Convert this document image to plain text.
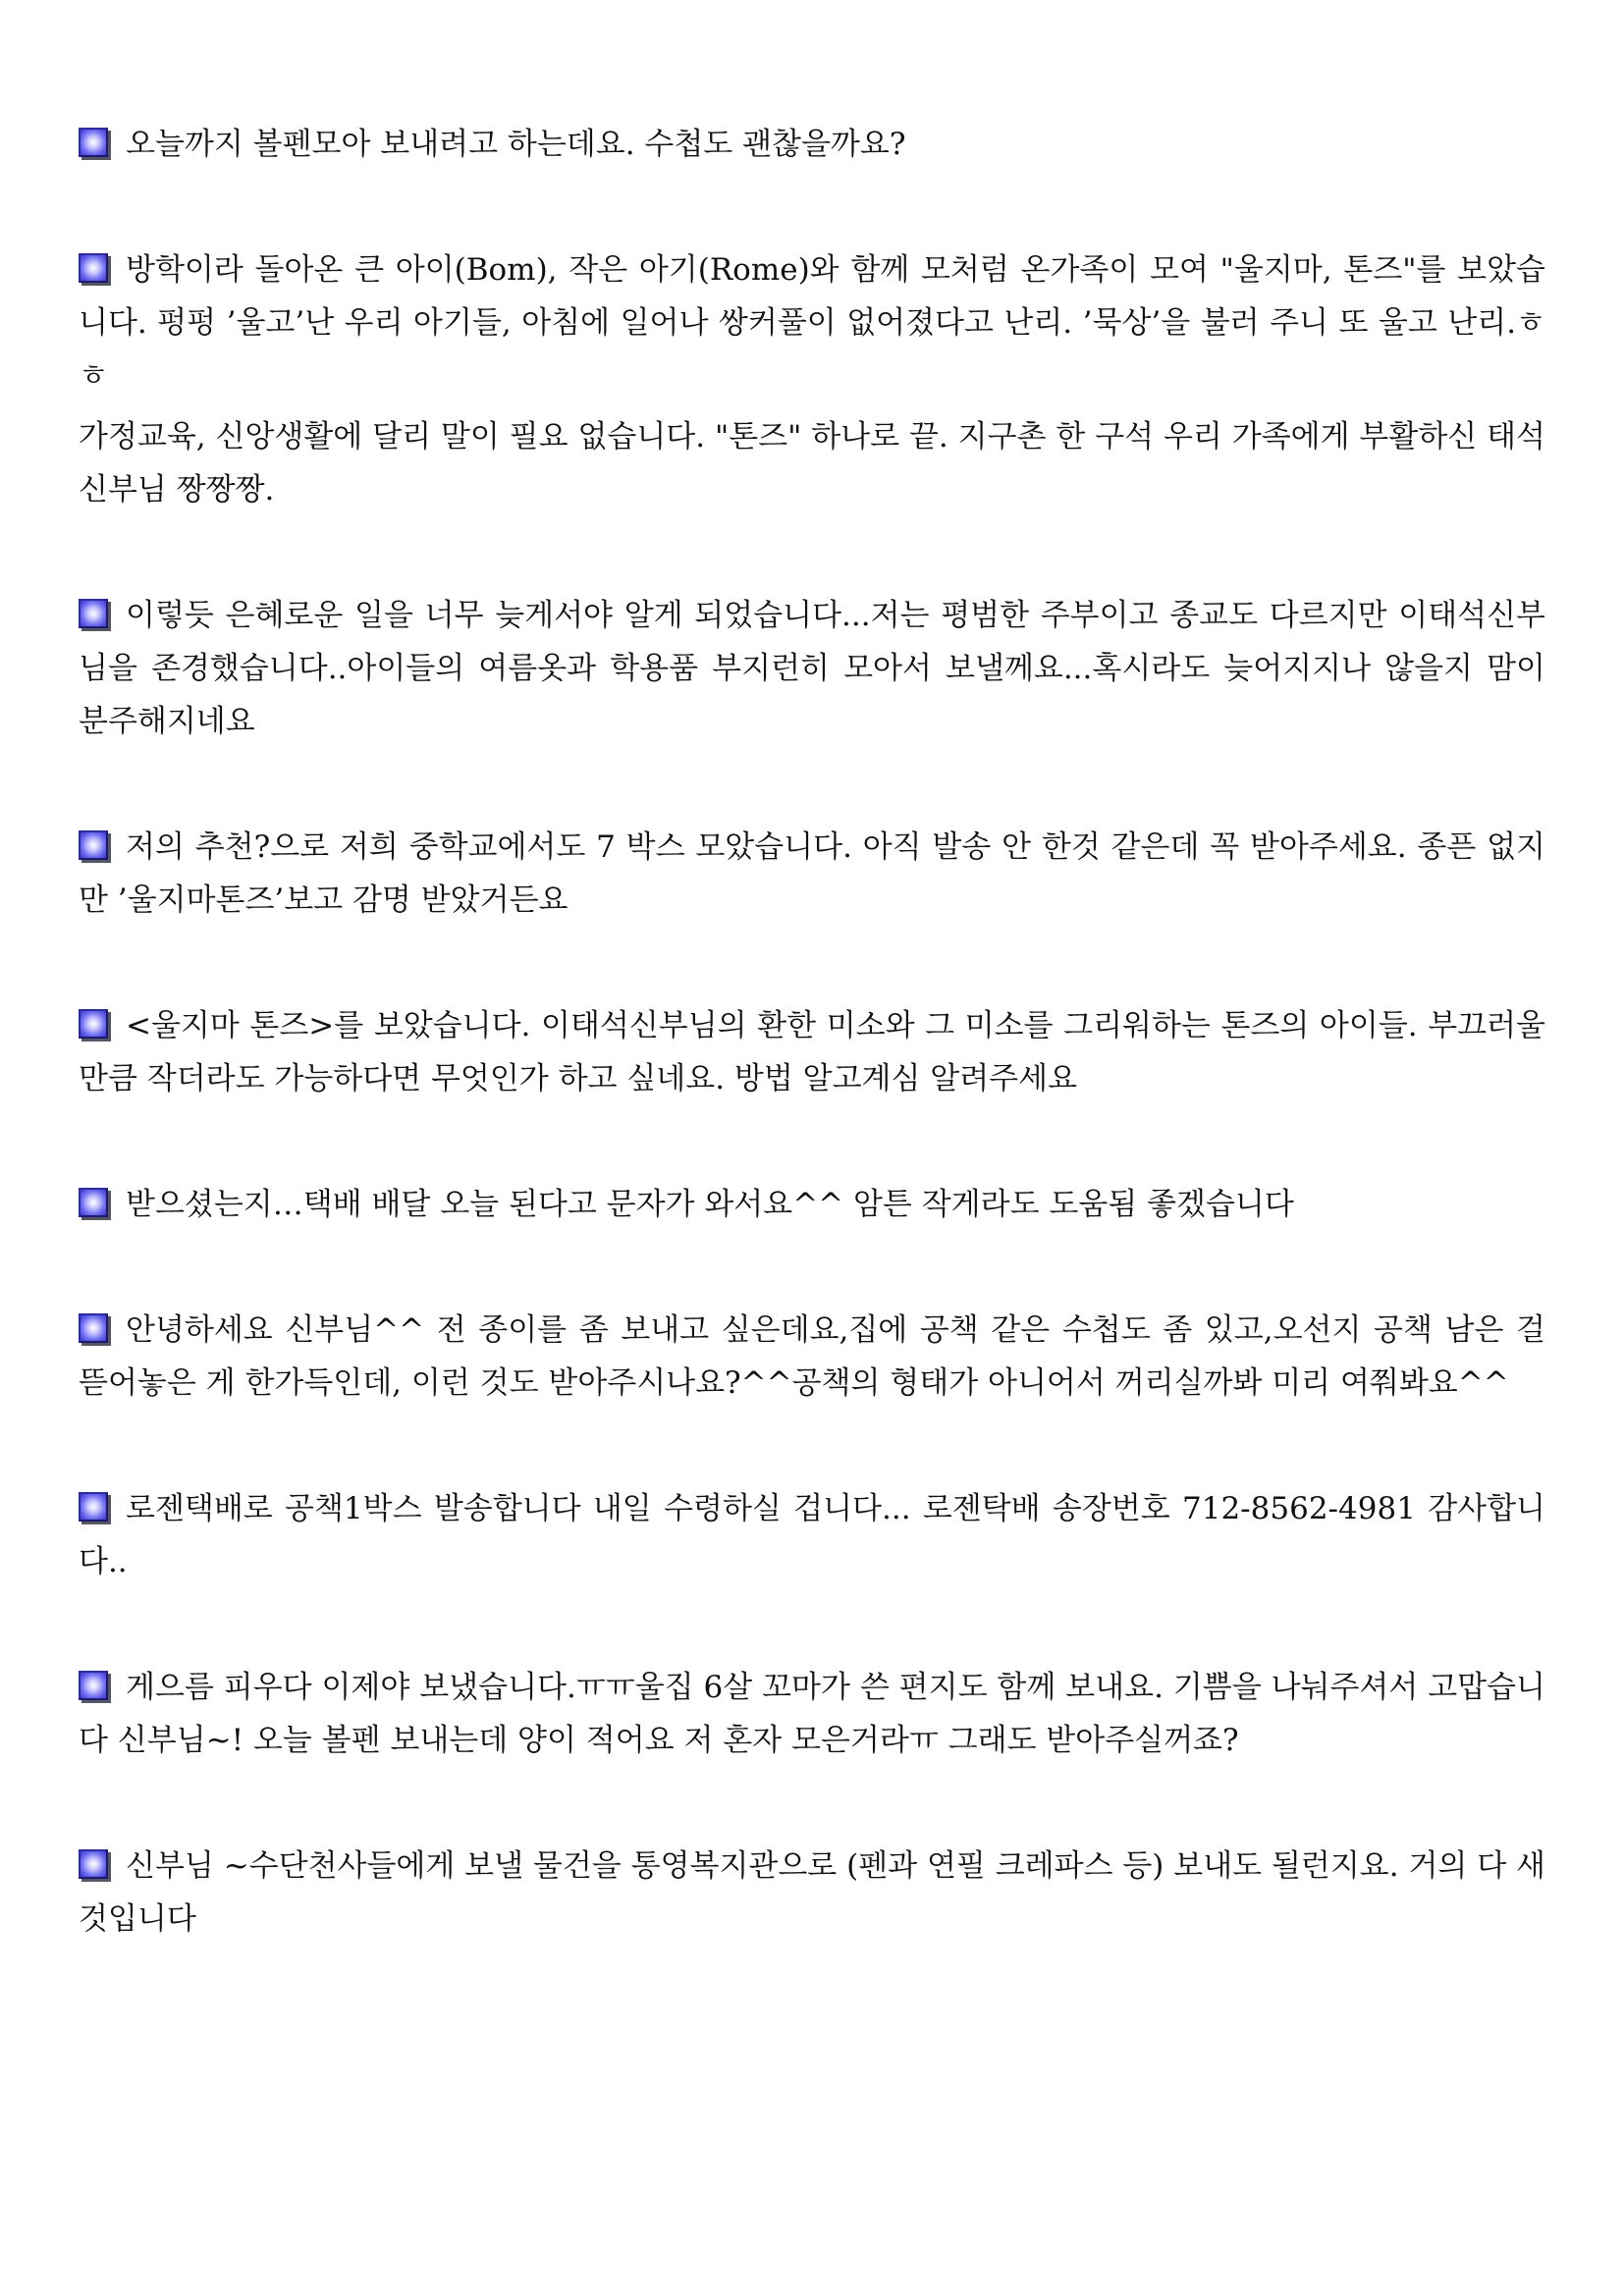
오늘까지 볼펜모아 보내려고 하는데요. 수첩도 괜찮을까요?
방학이라 돌아온 큰 아이(Bom), 작은 아기(Rome)와 함께 모처럼 온가족이 모여 "울지마, 톤즈"를 보았습니다. 펑펑 ’울고’난 우리 아기들, 아침에 일어나 쌍커풀이 없어졌다고 난리. ’묵상’을 불러 주니 또 울고 난리.ㅎㅎ
가정교육, 신앙생활에 달리 말이 필요 없습니다. "톤즈" 하나로 끝. 지구촌 한 구석 우리 가족에게 부활하신 태석 신부님 짱짱짱.
이렇듯 은혜로운 일을 너무 늦게서야 알게 되었습니다...저는 평범한 주부이고 종교도 다르지만 이태석신부님을 존경했습니다..아이들의 여름옷과 학용품 부지런히 모아서 보낼께요...혹시라도 늦어지지나 않을지 맘이 분주해지네요
저의 추천?으로 저희 중학교에서도 7 박스 모았습니다. 아직 발송 안 한것 같은데 꼭 받아주세요. 종픈 없지만 ’울지마톤즈’보고 감명 받았거든요
<울지마 톤즈>를 보았습니다. 이태석신부님의 환한 미소와 그 미소를 그리워하는 톤즈의 아이들. 부끄러울 만큼 작더라도 가능하다면 무엇인가 하고 싶네요. 방법 알고계심 알려주세요
받으셨는지…택배 배달 오늘 된다고 문자가 와서요^^ 암튼 작게라도 도움됨 좋겠습니다
안녕하세요 신부님^^ 전 종이를 좀 보내고 싶은데요,집에 공책 같은 수첩도 좀 있고,오선지 공책 남은 걸 뜯어놓은 게 한가득인데, 이런 것도 받아주시나요?^^공책의 형태가 아니어서 꺼리실까봐 미리 여쭤봐요^^
로젠택배로 공책1박스 발송합니다 내일 수령하실 겁니다... 로젠탁배 송장번호 712-8562-4981 감사합니다..
게으름 피우다 이제야 보냈습니다.ㅠㅠ울집 6살 꼬마가 쓴 편지도 함께 보내요. 기쁨을 나눠주셔서 고맙습니다 신부님~! 오늘 볼펜 보내는데 양이 적어요 저 혼자 모은거라ㅠ 그래도 받아주실꺼죠?
신부님 ~수단천사들에게 보낼 물건을 통영복지관으로 (펜과 연필 크레파스 등) 보내도 될런지요. 거의 다 새 것입니다
